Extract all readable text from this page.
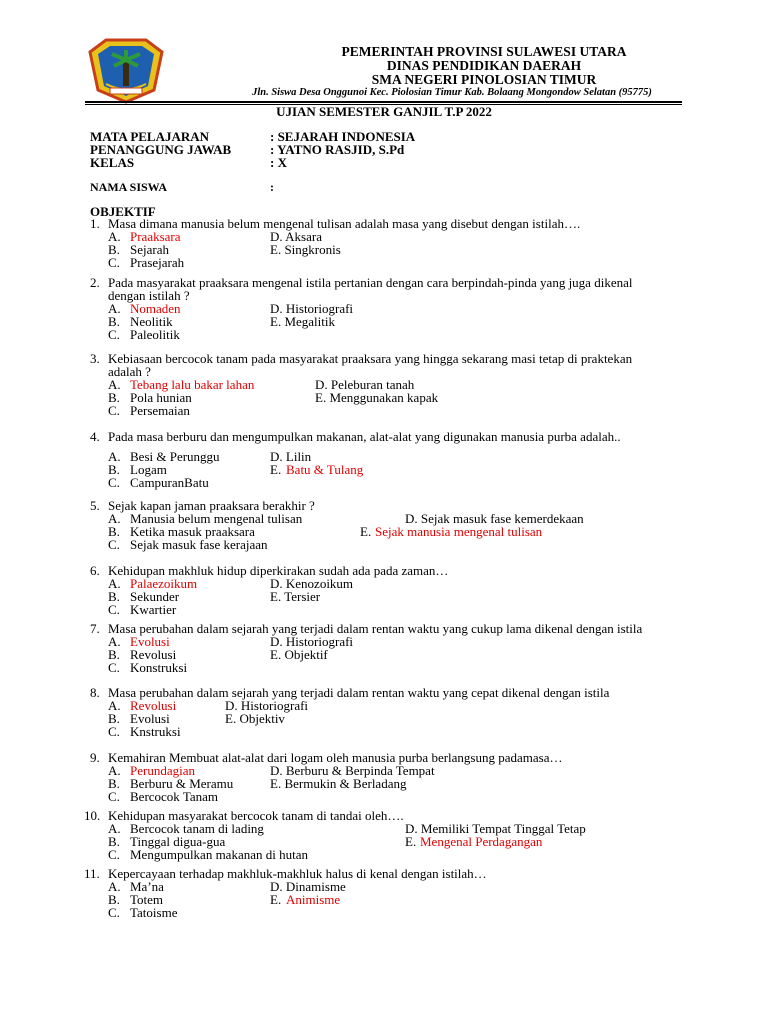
PEMERINTAH PROVINSI SULAWESI UTARA
DINAS PENDIDIKAN DAERAH
SMA NEGERI PINOLOSIAN TIMUR
Jln. Siswa Desa Onggunoi Kec. Piolosian Timur Kab. Bolaang Mongondow Selatan (95775)
UJIAN SEMESTER GANJIL T.P 2022
MATA PELAJARAN	: SEJARAH INDONESIA
PENANGGUNG JAWAB	: YATNO RASJID, S.Pd
KELAS	: X
NAMA SISWA	:
OBJEKTIF
1. Masa dimana manusia belum mengenal tulisan adalah masa yang disebut dengan istilah….
A. Praaksara	D. Aksara
B. Sejarah	E. Singkronis
C. Prasejarah
2. Pada masyarakat praaksara mengenal istila pertanian dengan cara berpindah-pinda yang juga dikenal
dengan istilah ?
A. Nomaden	D. Historiografi
B. Neolitik	E. Megalitik
C. Paleolitik
3. Kebiasaan bercocok tanam pada masyarakat praaksara yang hingga sekarang masi tetap di praktekan
adalah ?
A. Tebang lalu bakar lahan	D. Peleburan tanah
B. Pola hunian	E. Menggunakan kapak
C. Persemaian
4. Pada masa berburu dan mengumpulkan makanan, alat-alat yang digunakan manusia purba adalah..
A. Besi & Perunggu	D. Lilin
B. Logam	E. Batu & Tulang
C. CampuranBatu
5. Sejak kapan jaman praaksara berakhir ?
A. Manusia belum mengenal tulisan	D. Sejak masuk fase kemerdekaan
B. Ketika masuk praaksara	E. Sejak manusia mengenal tulisan
C. Sejak masuk fase kerajaan
6. Kehidupan makhluk hidup diperkirakan sudah ada pada zaman…
A. Palaezoikum	D. Kenozoikum
B. Sekunder	E. Tersier
C. Kwartier
7. Masa perubahan dalam sejarah yang terjadi dalam rentan waktu yang cukup lama dikenal dengan istila
A. Evolusi	D. Historiografi
B. Revolusi	E. Objektif
C. Konstruksi
8. Masa perubahan dalam sejarah yang terjadi dalam rentan waktu yang cepat dikenal dengan istila
A. Revolusi	D. Historiografi
B. Evolusi	E. Objektiv
C. Knstruksi
9. Kemahiran Membuat alat-alat dari logam oleh manusia purba berlangsung padamasa…
A. Perundagian	D. Berburu & Berpinda Tempat
B. Berburu & Meramu	E. Bermukin & Berladang
C. Bercocok Tanam
10. Kehidupan masyarakat bercocok tanam di tandai oleh….
A. Bercocok tanam di lading	D. Memiliki Tempat Tinggal Tetap
B. Tinggal digua-gua	E. Mengenal Perdagangan
C. Mengumpulkan makanan di hutan
11. Kepercayaan terhadap makhluk-makhluk halus di kenal dengan istilah…
A. Ma’na	D. Dinamisme
B. Totem	E. Animisme
C. Tatoisme
